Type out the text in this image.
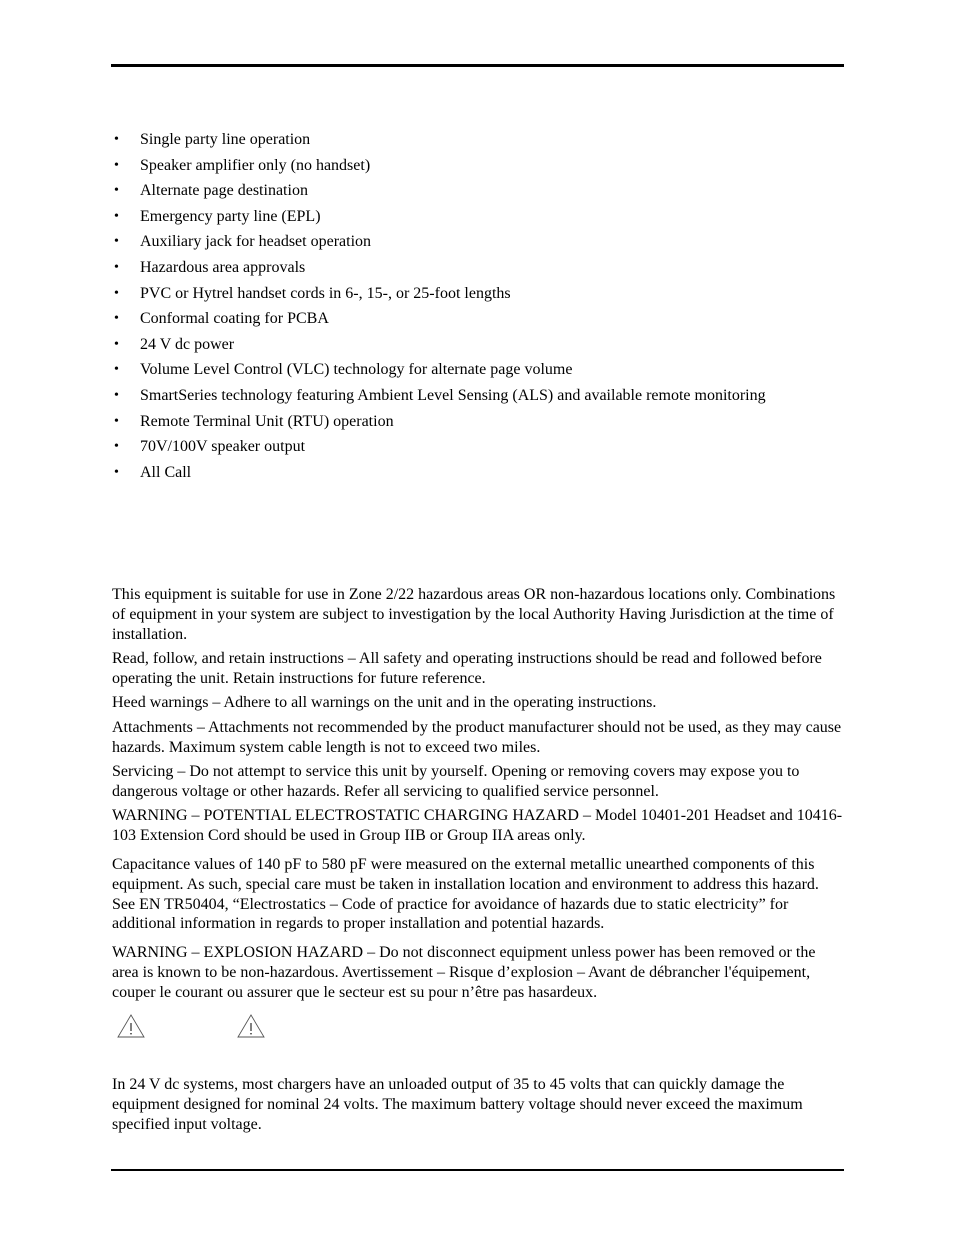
• Single party line operation
• Speaker amplifier only (no handset)
• Alternate page destination
• Emergency party line (EPL)
• Auxiliary jack for headset operation
• Hazardous area approvals
• PVC or Hytrel handset cords in 6-, 15-, or 25-foot lengths
• Conformal coating for PCBA
• 24 V dc power
• Volume Level Control (VLC) technology for alternate page volume
• SmartSeries technology featuring Ambient Level Sensing (ALS) and available remote monitoring
• Remote Terminal Unit (RTU) operation
• 70V/100V speaker output
• All Call

This equipment is suitable for use in Zone 2/22 hazardous areas OR non-hazardous locations only. Combinations of equipment in your system are subject to investigation by the local Authority Having Jurisdiction at the time of installation.

Read, follow, and retain instructions – All safety and operating instructions should be read and followed before operating the unit. Retain instructions for future reference.

Heed warnings – Adhere to all warnings on the unit and in the operating instructions.

Attachments – Attachments not recommended by the product manufacturer should not be used, as they may cause hazards. Maximum system cable length is not to exceed two miles.

Servicing – Do not attempt to service this unit by yourself. Opening or removing covers may expose you to dangerous voltage or other hazards. Refer all servicing to qualified service personnel.

WARNING – POTENTIAL ELECTROSTATIC CHARGING HAZARD – Model 10401-201 Headset and 10416-103 Extension Cord should be used in Group IIB or Group IIA areas only.

Capacitance values of 140 pF to 580 pF were measured on the external metallic unearthed components of this equipment. As such, special care must be taken in installation location and environment to address this hazard. See EN TR50404, “Electrostatics – Code of practice for avoidance of hazards due to static electricity” for additional information in regards to proper installation and potential hazards.

WARNING – EXPLOSION HAZARD – Do not disconnect equipment unless power has been removed or the area is known to be non-hazardous. Avertissement – Risque d’explosion – Avant de débrancher l'équipement, couper le courant ou assurer que le secteur est su pour n’être pas hasardeux.

In 24 V dc systems, most chargers have an unloaded output of 35 to 45 volts that can quickly damage the equipment designed for nominal 24 volts. The maximum battery voltage should never exceed the maximum specified input voltage.
